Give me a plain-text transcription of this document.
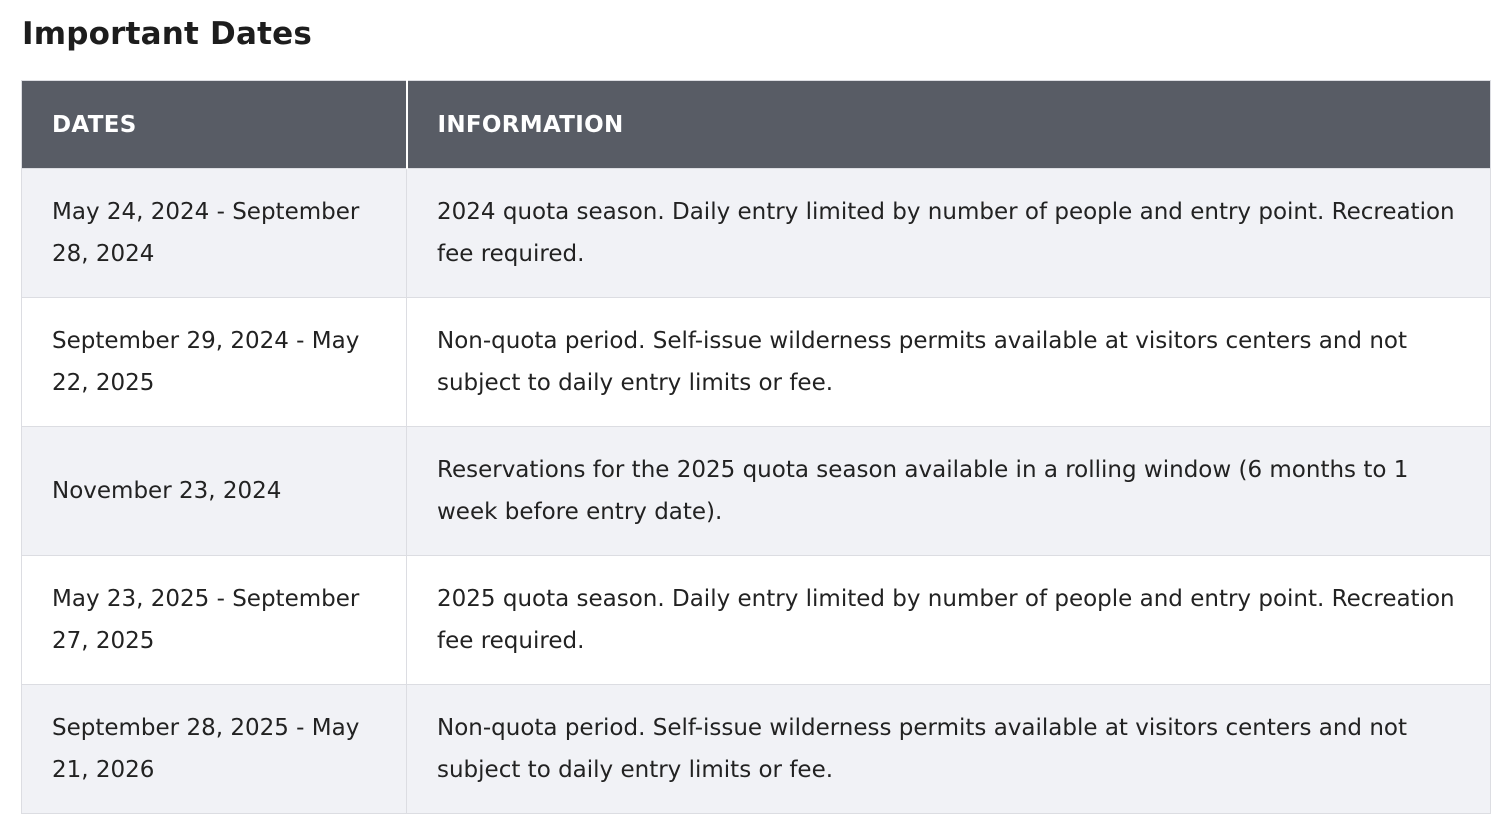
Important Dates
DATES	INFORMATION
May 24, 2024 - September 28, 2024	2024 quota season. Daily entry limited by number of people and entry point. Recreation fee required.
September 29, 2024 - May 22, 2025	Non-quota period. Self-issue wilderness permits available at visitors centers and not subject to daily entry limits or fee.
November 23, 2024	Reservations for the 2025 quota season available in a rolling window (6 months to 1 week before entry date).
May 23, 2025 - September 27, 2025	2025 quota season. Daily entry limited by number of people and entry point. Recreation fee required.
September 28, 2025 - May 21, 2026	Non-quota period. Self-issue wilderness permits available at visitors centers and not subject to daily entry limits or fee.
